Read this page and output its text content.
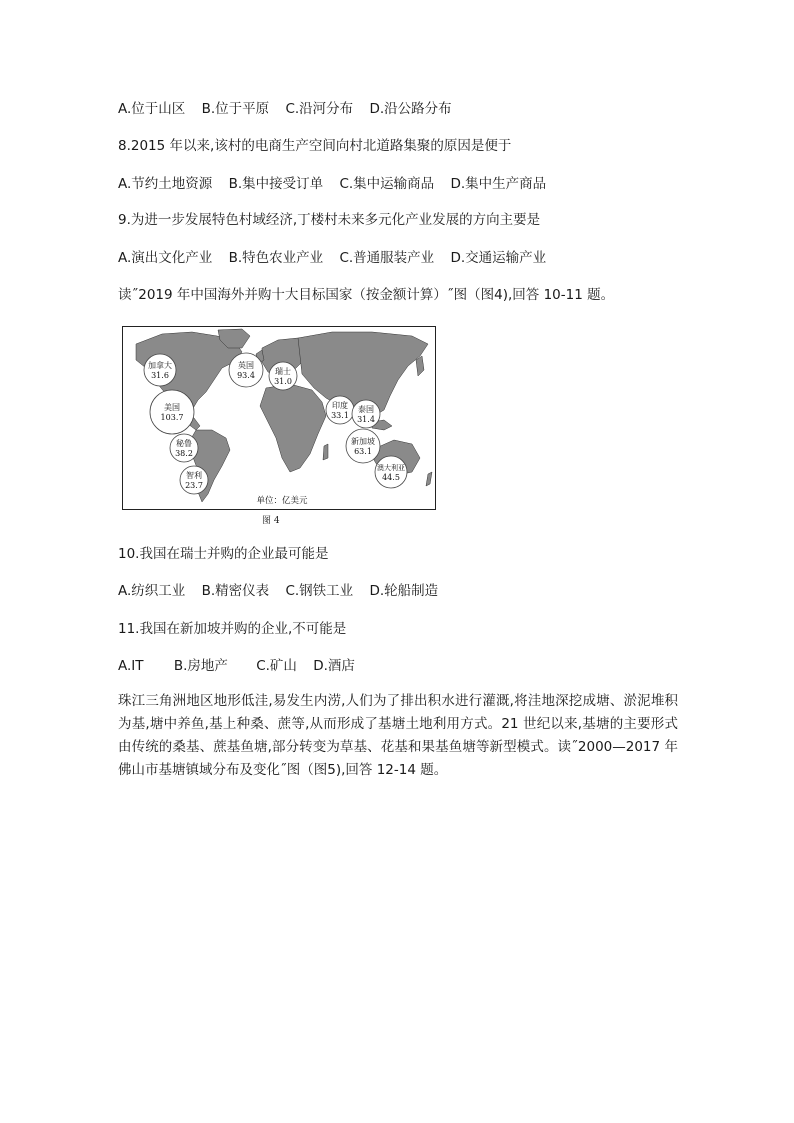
A.位于山区 B.位于平原 C.沿河分布 D.沿公路分布
8.2015 年以来,该村的电商生产空间向村北道路集聚的原因是便于
A.节约土地资源 B.集中接受订单 C.集中运输商品 D.集中生产商品
9.为进一步发展特色村域经济,丁楼村未来多元化产业发展的方向主要是
A.演出文化产业 B.特色农业产业 C.普通服装产业 D.交通运输产业
读˝2019 年中国海外并购十大目标国家（按金额计算）˝图（图4),回答 10-11 题。
加拿大
31.6
英国
93.4	瑞士
31.0
美国
103.7
印度
33.1
泰国
31.4
新加坡
63.1
秘鲁
38.2
澳大利亚
44.5
智利
23.7
单位：亿美元
图 4
10.我国在瑞士并购的企业最可能是
A.纺织工业 B.精密仪表 C.钢铁工业 D.轮船制造
11.我国在新加坡并购的企业,不可能是
A.IT B.房地产 C.矿山 D.酒店
珠江三角洲地区地形低洼,易发生内涝,人们为了排出积水进行灌溉,将洼地深挖成塘、淤泥堆积为基,塘中养鱼,基上种桑、蔗等,从而形成了基塘土地利用方式。21 世纪以来,基塘的主要形式由传统的桑基、蔗基鱼塘,部分转变为草基、花基和果基鱼塘等新型模式。读˝2000—2017 年佛山市基塘镇域分布及变化˝图（图5),回答 12-14 题。
